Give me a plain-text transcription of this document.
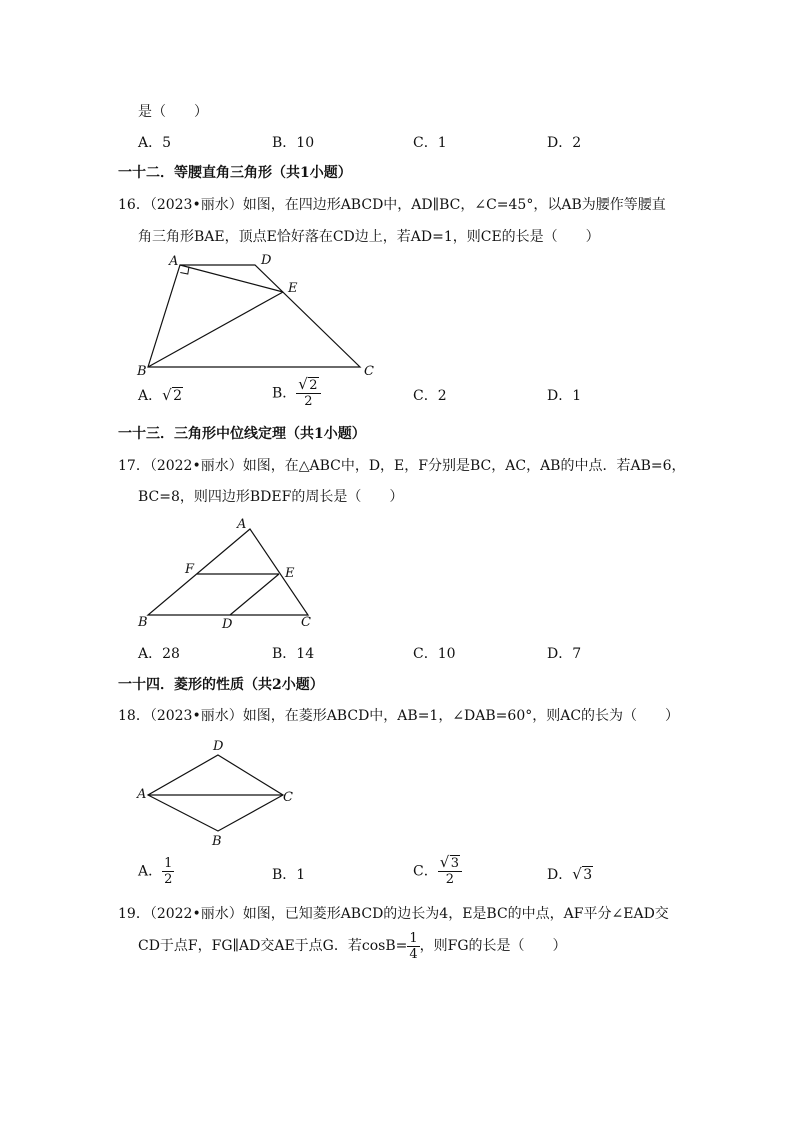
是（　　）
A．5	B．10	C．1	D．2
一十二．等腰直角三角形（共1小题）
16．（2023•丽水）如图，在四边形ABCD中，AD∥BC，∠C=45°，以AB为腰作等腰直
角三角形BAE，顶点E恰好落在CD边上，若AD=1，则CE的长是（　　）
A	D
E
B	C
A． √ 2	B． √ $\frac{2}{2}$	C．2	D．1
一十三．三角形中位线定理（共1小题）
17．（2022•丽水）如图，在△ABC中，D，E，F分别是BC，AC，AB的中点．若AB=6，
BC=8，则四边形BDEF的周长是（　　）
A
F	E
B	D	C
A．28	B．14	C．10	D．7
一十四．菱形的性质（共2小题）
18．（2023•丽水）如图，在菱形ABCD中，AB=1，∠DAB=60°，则AC的长为（　　）
D
A	C
B
A． $\frac{1}{2}$	B．1	C． √ $\frac{3}{2}$	D． √ 3
19．（2022•丽水）如图，已知菱形ABCD的边长为4，E是BC的中点，AF平分∠EAD交
CD于点F，FG∥AD交AE于点G．若$\cos B= \frac{1}{4}$ ，则FG的长是（　　）
